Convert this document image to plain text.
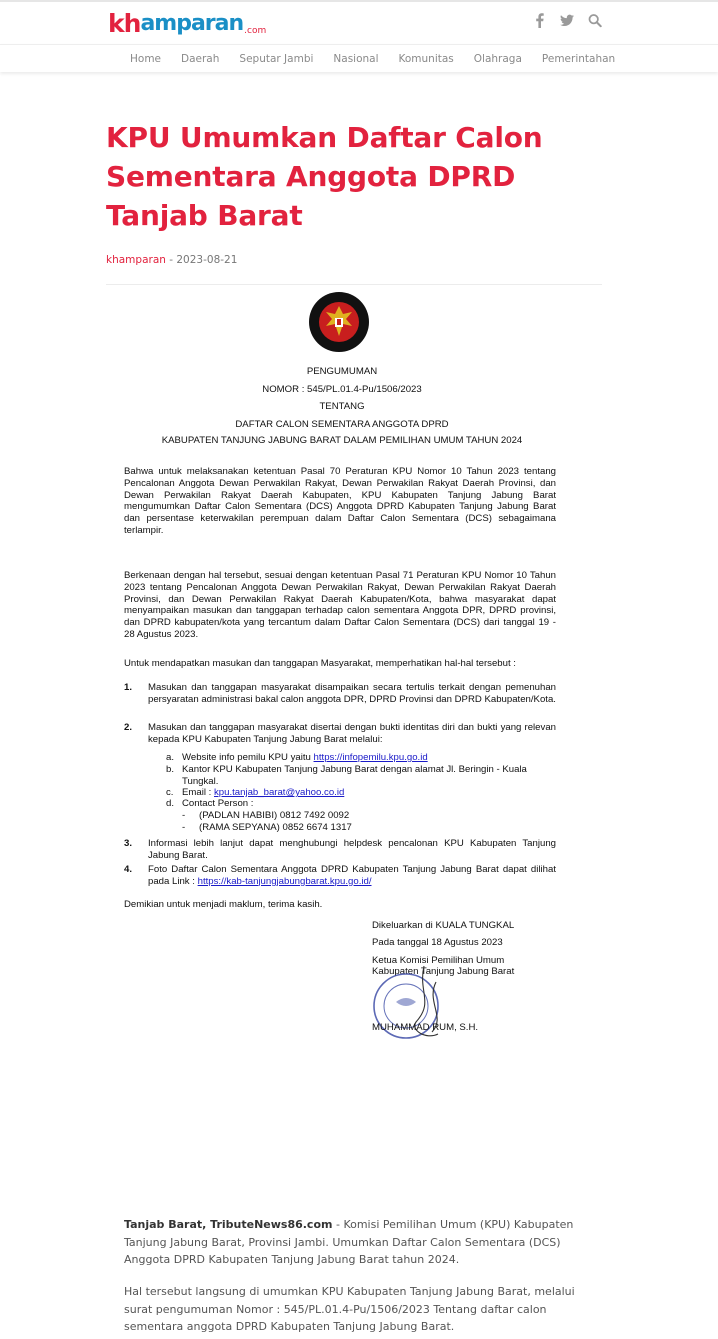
kh amparan .com
Home	Daerah	Seputar Jambi	Nasional	Komunitas	Olahraga	Pemerintahan
KPU Umumkan Daftar Calon Sementara Anggota DPRD Tanjab Barat
khamparan - 2023-08-21
PENGUMUMAN
NOMOR : 545/PL.01.4-Pu/1506/2023
TENTANG
DAFTAR CALON SEMENTARA ANGGOTA DPRD
KABUPATEN TANJUNG JABUNG BARAT DALAM PEMILIHAN UMUM TAHUN 2024
Bahwa untuk melaksanakan ketentuan Pasal 70 Peraturan KPU Nomor 10 Tahun 2023 tentang Pencalonan Anggota Dewan Perwakilan Rakyat, Dewan Perwakilan Rakyat Daerah Provinsi, dan Dewan Perwakilan Rakyat Daerah Kabupaten, KPU Kabupaten Tanjung Jabung Barat mengumumkan Daftar Calon Sementara (DCS) Anggota DPRD Kabupaten Tanjung Jabung Barat dan persentase keterwakilan perempuan dalam Daftar Calon Sementara (DCS) sebagaimana terlampir.
Berkenaan dengan hal tersebut, sesuai dengan ketentuan Pasal 71 Peraturan KPU Nomor 10 Tahun 2023 tentang Pencalonan Anggota Dewan Perwakilan Rakyat, Dewan Perwakilan Rakyat Daerah Provinsi, dan Dewan Perwakilan Rakyat Daerah Kabupaten/Kota, bahwa masyarakat dapat menyampaikan masukan dan tanggapan terhadap calon sementara Anggota DPR, DPRD provinsi, dan DPRD kabupaten/kota yang tercantum dalam Daftar Calon Sementara (DCS) dari tanggal 19 - 28 Agustus 2023.
Untuk mendapatkan masukan dan tanggapan Masyarakat, memperhatikan hal-hal tersebut :
1. Masukan dan tanggapan masyarakat disampaikan secara tertulis terkait dengan pemenuhan persyaratan administrasi bakal calon anggota DPR, DPRD Provinsi dan DPRD Kabupaten/Kota.
2. Masukan dan tanggapan masyarakat disertai dengan bukti identitas diri dan bukti yang relevan kepada KPU Kabupaten Tanjung Jabung Barat melalui:
a. Website info pemilu KPU yaitu https://infopemilu.kpu.go.id
b. Kantor KPU Kabupaten Tanjung Jabung Barat dengan alamat Jl. Beringin - Kuala Tungkal.
c. Email : kpu.tanjab_barat@yahoo.co.id
d. Contact Person :
- (PADLAN HABIBI) 0812 7492 0092
- (RAMA SEPYANA) 0852 6674 1317
3. Informasi lebih lanjut dapat menghubungi helpdesk pencalonan KPU Kabupaten Tanjung Jabung Barat.
4. Foto Daftar Calon Sementara Anggota DPRD Kabupaten Tanjung Jabung Barat dapat dilihat pada Link : https://kab-tanjungjabungbarat.kpu.go.id/
Demikian untuk menjadi maklum, terima kasih.
Dikeluarkan di KUALA TUNGKAL
Pada tanggal 18 Agustus 2023
Ketua Komisi Pemilihan Umum
Kabupaten Tanjung Jabung Barat
MUHAMMAD RUM, S.H.

Tanjab Barat, TributeNews86.com - Komisi Pemilihan Umum (KPU) Kabupaten Tanjung Jabung Barat, Provinsi Jambi. Umumkan Daftar Calon Sementara (DCS) Anggota DPRD Kabupaten Tanjung Jabung Barat tahun 2024.

Hal tersebut langsung di umumkan KPU Kabupaten Tanjung Jabung Barat, melalui surat pengumuman Nomor : 545/PL.01.4-Pu/1506/2023 Tentang daftar calon sementara anggota DPRD Kabupaten Tanjung Jabung Barat.
